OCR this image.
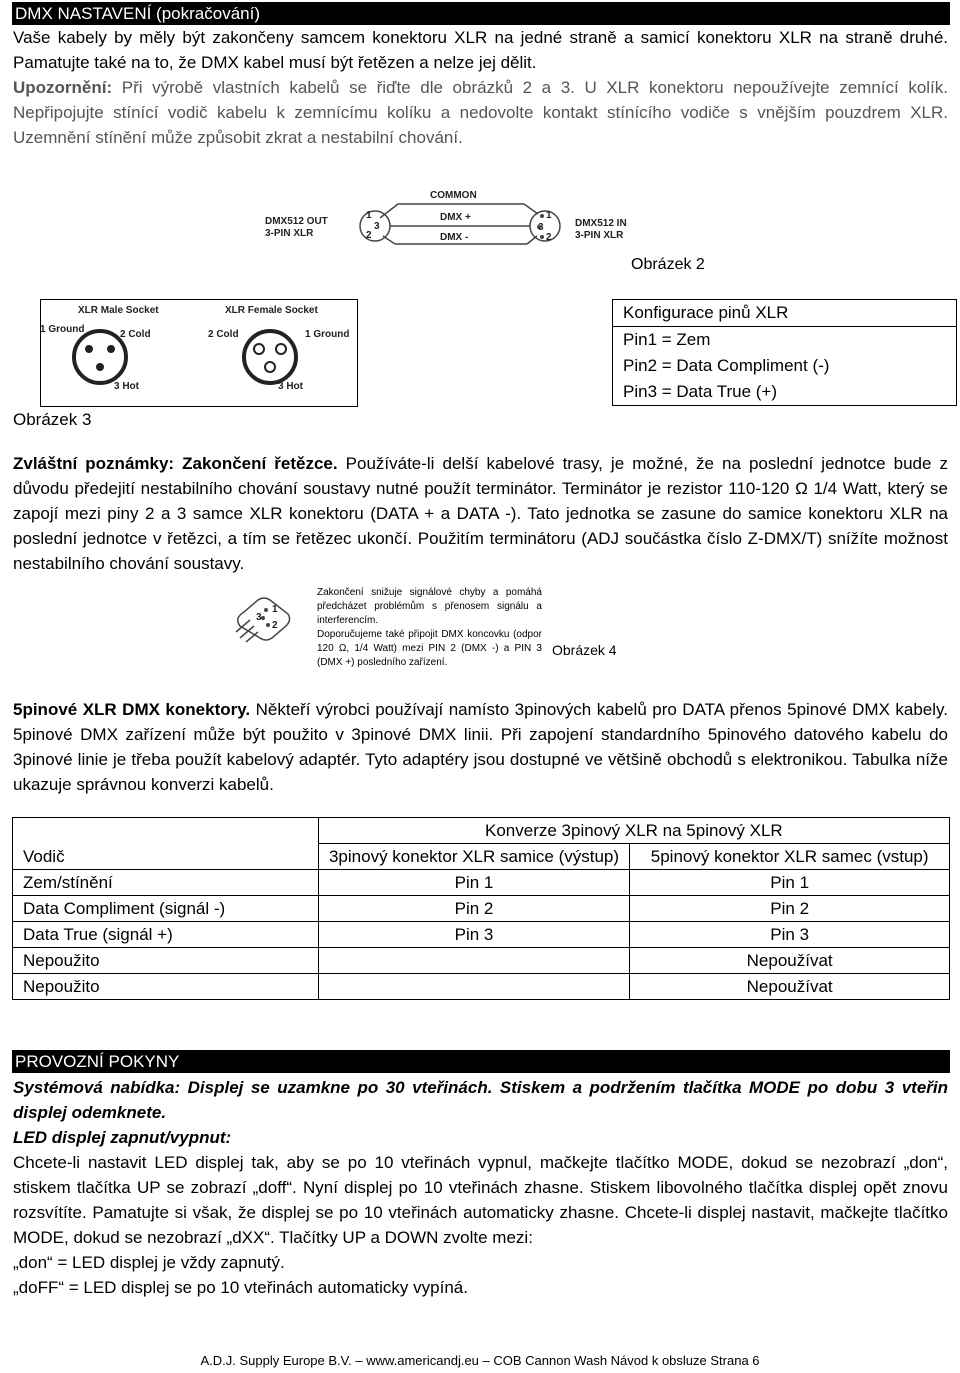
DMX NASTAVENÍ (pokračování)

Vaše kabely by měly být zakončeny samcem konektoru XLR na jedné straně a samicí konektoru XLR na straně druhé. Pamatujte také na to, že DMX kabel musí být řetězen a nelze jej dělit.

Upozornění: Při výrobě vlastních kabelů se řiďte dle obrázků 2 a 3. U XLR konektoru nepoužívejte zemnící kolík. Nepřipojujte stínící vodič kabelu k zemnícímu kolíku a nedovolte kontakt stínícího vodiče s vnějším pouzdrem XLR. Uzemnění stínění může způsobit zkrat a nestabilní chování.

COMMON
DMX512 OUT
3-PIN XLR
1
3
2
DMX +
DMX -
1
3
2
DMX512 IN
3-PIN XLR
Obrázek 2
XLR Male Socket	XLR Female Socket
1 Ground	2 Cold
3 Hot
2 Cold	1 Ground
3 Hot
Obrázek 3
Konfigurace pinů XLR
Pin1 = Zem
Pin2 = Data Compliment (-)
Pin3 = Data True (+)

Zvláštní poznámky: Zakončení řetězce. Používáte-li delší kabelové trasy, je možné, že na poslední jednotce bude z důvodu předejití nestabilního chování soustavy nutné použít terminátor. Terminátor je rezistor 110-120 Ω 1/4 Watt, který se zapojí mezi piny 2 a 3 samce XLR konektoru (DATA + a DATA -). Tato jednotka se zasune do samice konektoru XLR na poslední jednotce v řetězci, a tím se řetězec ukončí. Použitím terminátoru (ADJ součástka číslo Z-DMX/T) snížíte možnost nestabilního chování soustavy.

1
3
2
Zakončení snižuje signálové chyby a pomáhá předcházet problémům s přenosem signálu a interferencím.
Doporučujeme také připojit DMX koncovku (odpor 120 Ω, 1/4 Watt) mezi PIN 2 (DMX -) a PIN 3 (DMX +) posledního zařízení.
Obrázek 4

5pinové XLR DMX konektory. Někteří výrobci používají namísto 3pinových kabelů pro DATA přenos 5pinové DMX kabely. 5pinové DMX zařízení může být použito v 3pinové DMX linii. Při zapojení standardního 5pinového datového kabelu do 3pinové linie je třeba použít kabelový adaptér. Tyto adaptéry jsou dostupné ve většině obchodů s elektronikou. Tabulka níže ukazuje správnou konverzi kabelů.

	Konverze 3pinový XLR na 5pinový XLR	
Vodič	3pinový konektor XLR samice (výstup)	5pinový konektor XLR samec (vstup)
Zem/stínění	Pin 1	Pin 1
Data Compliment (signál -)	Pin 2	Pin 2
Data True (signál +)	Pin 3	Pin 3
Nepoužito		Nepoužívat
Nepoužito		Nepoužívat
PROVOZNÍ POKYNY

Systémová nabídka: Displej se uzamkne po 30 vteřinách. Stiskem a podržením tlačítka MODE po dobu 3 vteřin displej odemknete.

LED displej zapnut/vypnut:

Chcete-li nastavit LED displej tak, aby se po 10 vteřinách vypnul, mačkejte tlačítko MODE, dokud se nezobrazí „don“, stiskem tlačítka UP se zobrazí „doff“. Nyní displej po 10 vteřinách zhasne. Stiskem libovolného tlačítka displej opět znovu rozsvítíte. Pamatujte si však, že displej se po 10 vteřinách automaticky zhasne. Chcete-li displej nastavit, mačkejte tlačítko MODE, dokud se nezobrazí „dXX“. Tlačítky UP a DOWN zvolte mezi:

„don“ = LED displej je vždy zapnutý.

„doFF“ = LED displej se po 10 vteřinách automaticky vypíná.

A.D.J. Supply Europe B.V. – www.americandj.eu – COB Cannon Wash Návod k obsluze Strana 6
